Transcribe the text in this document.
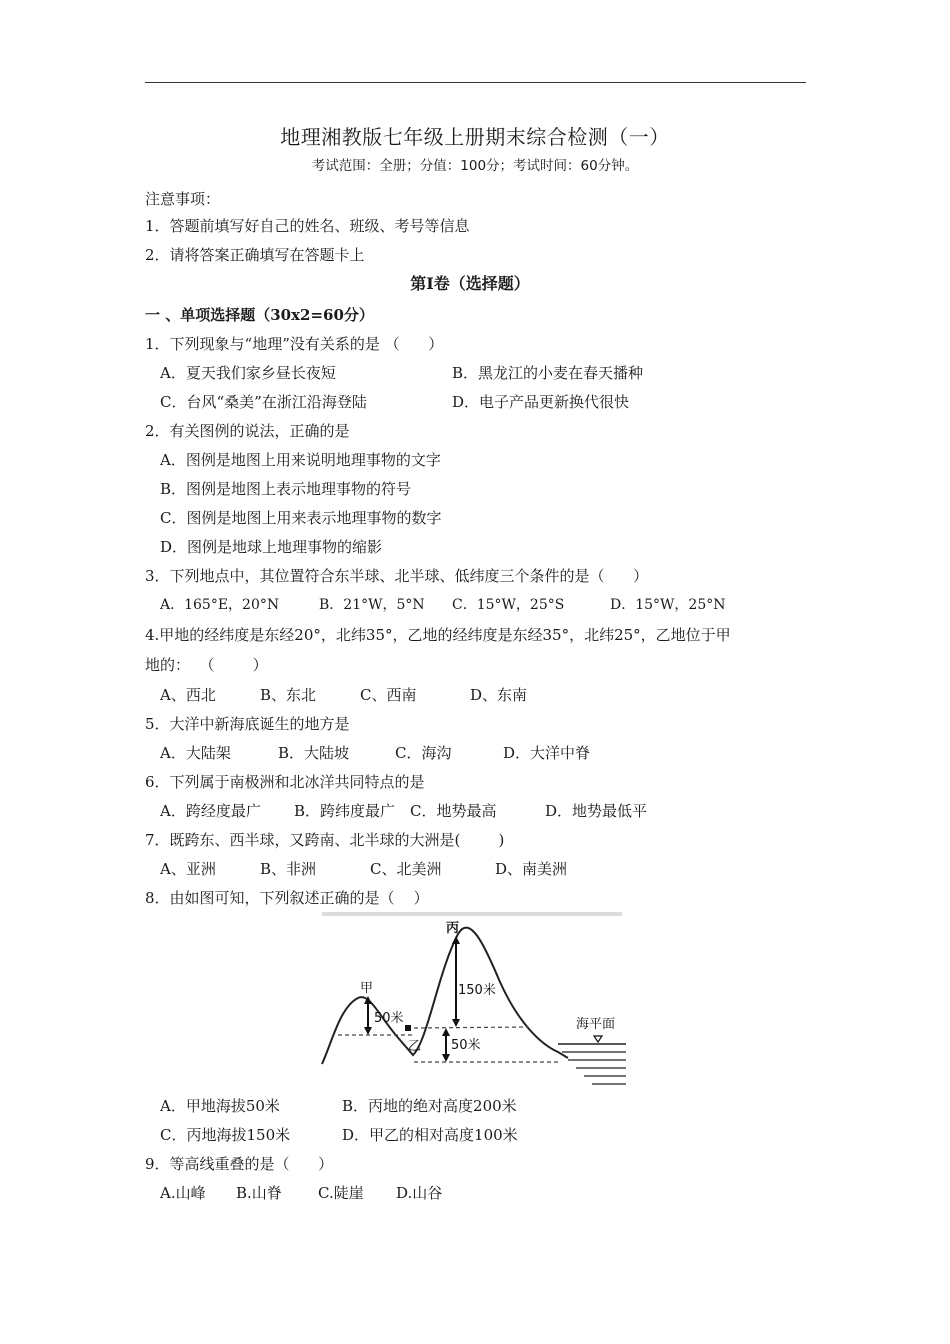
地理湘教版七年级上册期末综合检测（一）
考试范围：全册；分值：100分；考试时间：60分钟。
注意事项：
1．答题前填写好自己的姓名、班级、考号等信息
2．请将答案正确填写在答题卡上
第I卷（选择题）
一 、单项选择题（30x2=60分）
1．下列现象与“地理”没有关系的是 （      ）
A．夏天我们家乡昼长夜短	B．黑龙江的小麦在春天播种
C．台风“桑美”在浙江沿海登陆	D．电子产品更新换代很快
2．有关图例的说法，正确的是
A．图例是地图上用来说明地理事物的文字
B．图例是地图上表示地理事物的符号
C．图例是地图上用来表示地理事物的数字
D．图例是地球上地理事物的缩影
3．下列地点中，其位置符合东半球、北半球、低纬度三个条件的是（      ）
A．165°E，20°N	B．21°W，5°N C．15°W，25°S	D．15°W，25°N
4.甲地的经纬度是东经20°，北纬35°，乙地的经纬度是东经35°，北纬25°，乙地位于甲
地的：  （        ）
A、西北	B、东北	C、西南	D、东南
5．大洋中新海底诞生的地方是
A．大陆架	B．大陆坡	C．海沟	D．大洋中脊
6．下列属于南极洲和北冰洋共同特点的是
A．跨经度最广 B．跨纬度最广 C．地势最高	D．地势最低平
7．既跨东、西半球，又跨南、北半球的大洲是(        )
A、亚洲	B、非洲	C、北美洲	D、南美洲
8．由如图可知，下列叙述正确的是（    ）
甲
丙
乙
50米
150米
50米
海平面
A．甲地海拔50米	B．丙地的绝对高度200米
C．丙地海拔150米	D．甲乙的相对高度100米
9．等高线重叠的是（      ）
A.山峰 B.山脊 C.陡崖 D.山谷
